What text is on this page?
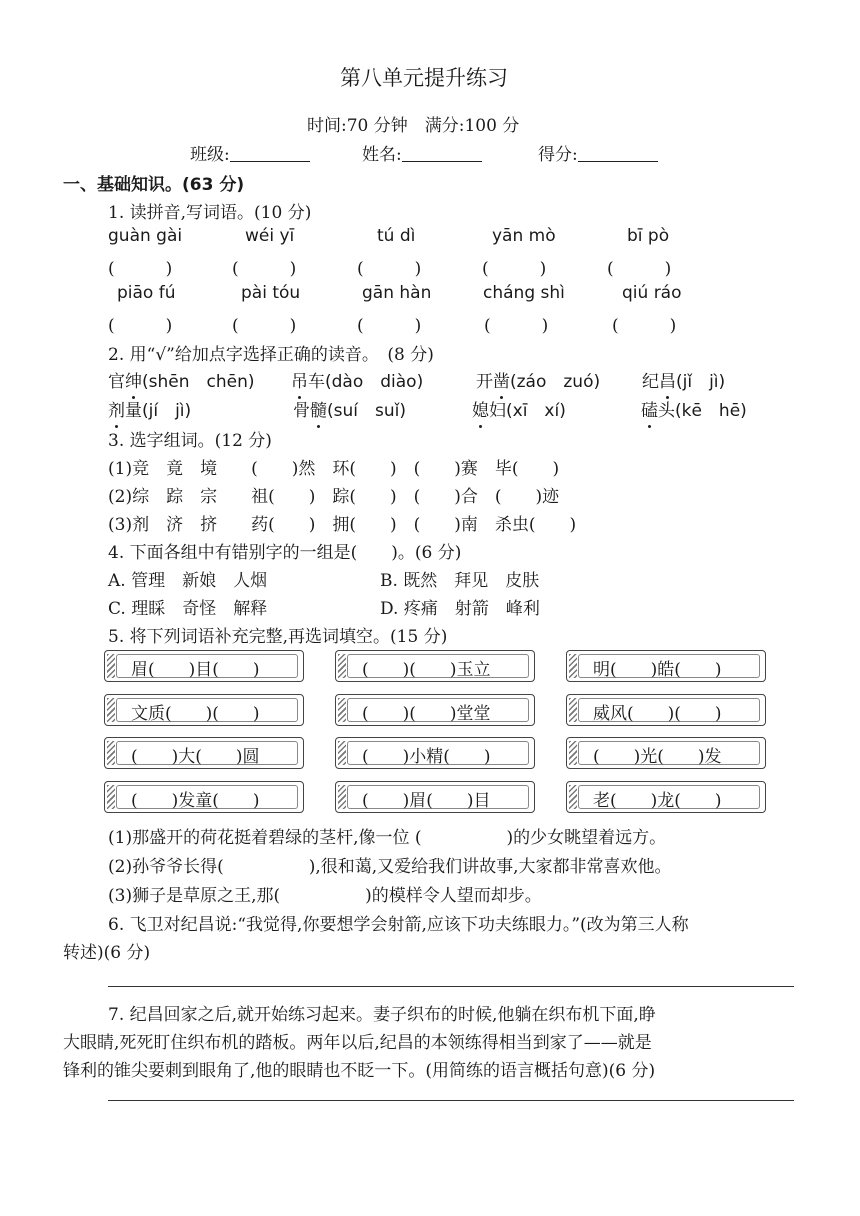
第八单元提升练习
时间:70 分钟　满分:100 分
班级:	姓名:	得分:
一、基础知识。(63 分)
1. 读拼音,写词语。(10 分)
guàn gài	wéi yī	tú dì	yān mò	bī pò
(　　　)	(　　　)	(　　　)	(　　　)	(　　　)
piāo fú	pài tóu	gān hàn	cháng shì	qiú ráo
(　　　)	(　　　)	(　　　)	(　　　)	(　　　)
2. 用“√”给加点字选择正确的读音。　(8 分)
官绅(shēn　chēn) 吊车(dào　diào)	开凿(záo　zuó) 纪昌(jǐ　jì)
剂量(jí　jì)	骨髓(suí　suǐ)	媳妇(xī　xí)	磕头(kē　hē)
3. 选字组词。(12 分)
(1)竞　竟　境　　(　　)然　环(　　)　(　　)赛　毕(　　)
(2)综　踪　宗　　祖(　　)　踪(　　)　(　　)合　(　　)迹
(3)剂　济　挤　　药(　　)　拥(　　)　(　　)南　杀虫(　　)
4. 下面各组中有错别字的一组是(　　)。(6 分)
A. 管理　新娘　人烟	B. 既然　拜见　皮肤
C. 理睬　奇怪　解释	D. 疼痛　射箭　峰利
5. 将下列词语补充完整,再选词填空。(15 分)
眉(　　)目(　　)	(　　)(　　)玉立	明(　　)皓(　　)
文质(　　)(　　)	(　　)(　　)堂堂	威风(　　)(　　)
(　　)大(　　)圆	(　　)小精(　　)	(　　)光(　　)发
(　　)发童(　　)	(　　)眉(　　)目	老(　　)龙(　　)
(1)那盛开的荷花挺着碧绿的茎杆,像一位 (　　　　　)的少女眺望着远方。
(2)孙爷爷长得(　　　　　),很和蔼,又爱给我们讲故事,大家都非常喜欢他。
(3)狮子是草原之王,那(　　　　　)的模样令人望而却步。
6. 飞卫对纪昌说:“我觉得,你要想学会射箭,应该下功夫练眼力。”(改为第三人称
转述)(6 分)
7. 纪昌回家之后,就开始练习起来。妻子织布的时候,他躺在织布机下面,睁
大眼睛,死死盯住织布机的踏板。两年以后,纪昌的本领练得相当到家了——就是
锋利的锥尖要刺到眼角了,他的眼睛也不眨一下。(用简练的语言概括句意)(6 分)
